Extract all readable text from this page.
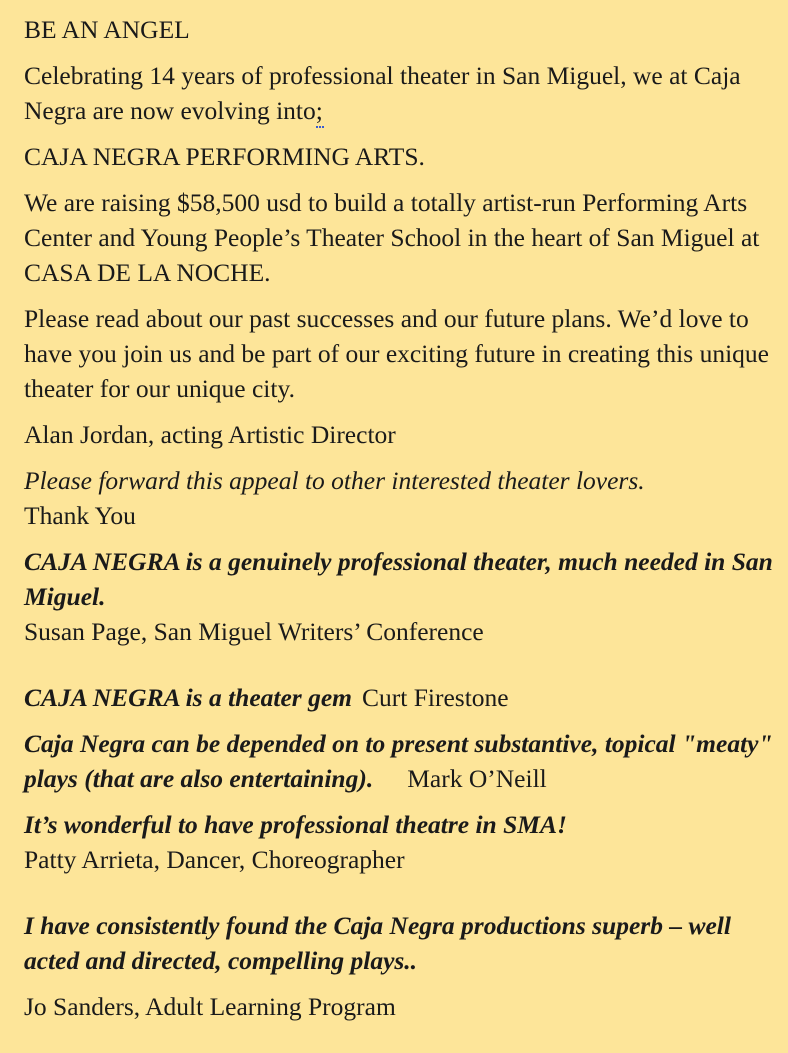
BE AN ANGEL

Celebrating 14 years of professional theater in San Miguel, we at Caja Negra are now evolving into;

CAJA NEGRA PERFORMING ARTS.

We are raising $58,500 usd to build a totally artist-run Performing Arts Center and Young People’s Theater School in the heart of San Miguel at CASA DE LA NOCHE.

Please read about our past successes and our future plans. We’d love to have you join us and be part of our exciting future in creating this unique theater for our unique city.

Alan Jordan, acting Artistic Director

Please forward this appeal to other interested theater lovers.
Thank You

CAJA NEGRA is a genuinely professional theater, much needed in San Miguel.
Susan Page, San Miguel Writers’ Conference

CAJA NEGRA is a theater gem Curt Firestone

Caja Negra can be depended on to present substantive, topical "meaty" plays (that are also entertaining). Mark O’Neill

It’s wonderful to have professional theatre in SMA!
Patty Arrieta, Dancer, Choreographer

I have consistently found the Caja Negra productions superb – well acted and directed, compelling plays..

Jo Sanders, Adult Learning Program
